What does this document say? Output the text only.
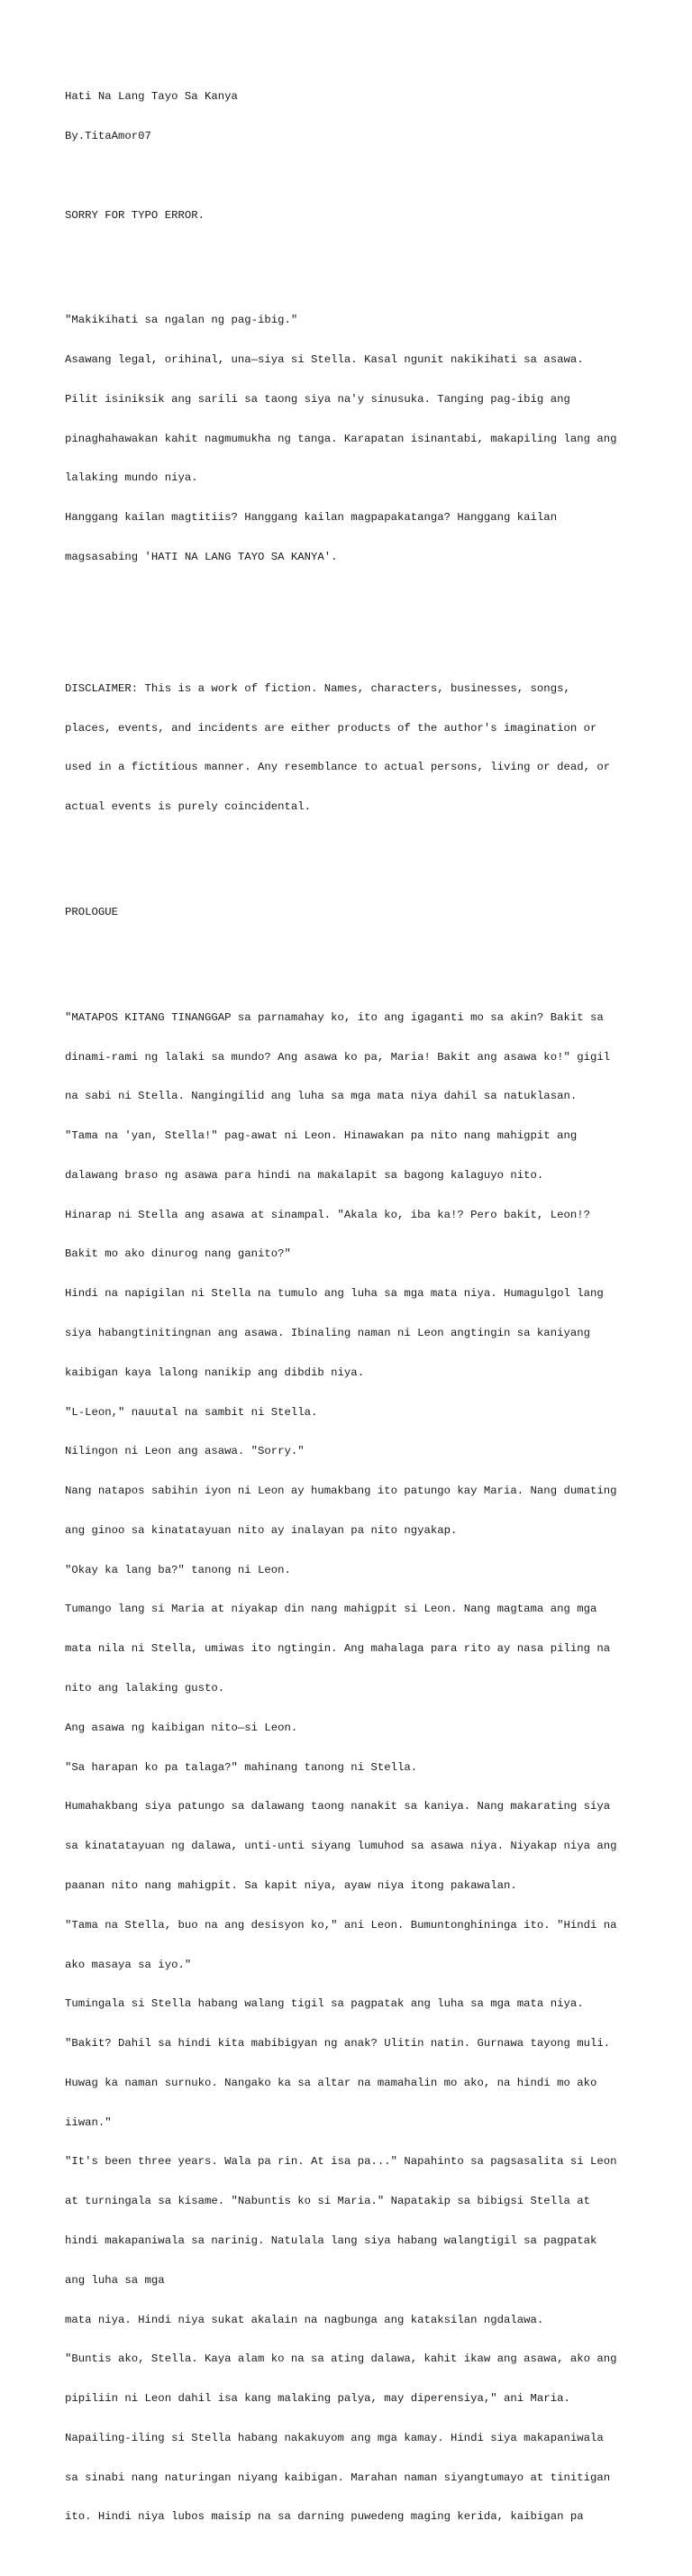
Hati Na Lang Tayo Sa Kanya

By.TitaAmor07

SORRY FOR TYPO ERROR.

"Makikihati sa ngalan ng pag-ibig."

Asawang legal, orihinal, una—siya si Stella. Kasal ngunit nakikihati sa asawa.

Pilit isiniksik ang sarili sa taong siya na'y sinusuka. Tanging pag-ibig ang

pinaghahawakan kahit nagmumukha ng tanga. Karapatan isinantabi, makapiling lang ang

lalaking mundo niya.

Hanggang kailan magtitiis? Hanggang kailan magpapakatanga? Hanggang kailan

magsasabing 'HATI NA LANG TAYO SA KANYA'.

DISCLAIMER: This is a work of fiction. Names, characters, businesses, songs,

places, events, and incidents are either products of the author's imagination or

used in a fictitious manner. Any resemblance to actual persons, living or dead, or

actual events is purely coincidental.

PROLOGUE

"MATAPOS KITANG TINANGGAP sa parnamahay ko, ito ang igaganti mo sa akin? Bakit sa

dinami-rami ng lalaki sa mundo? Ang asawa ko pa, Maria! Bakit ang asawa ko!" gigil

na sabi ni Stella. Nangingilid ang luha sa mga mata niya dahil sa natuklasan.

"Tama na 'yan, Stella!" pag-awat ni Leon. Hinawakan pa nito nang mahigpit ang

dalawang braso ng asawa para hindi na makalapit sa bagong kalaguyo nito.

Hinarap ni Stella ang asawa at sinampal. "Akala ko, iba ka!? Pero bakit, Leon!?

Bakit mo ako dinurog nang ganito?"

Hindi na napigilan ni Stella na tumulo ang luha sa mga mata niya. Humagulgol lang

siya habangtinitingnan ang asawa. Ibinaling naman ni Leon angtingin sa kaniyang

kaibigan kaya lalong nanikip ang dibdib niya.

"L-Leon," nauutal na sambit ni Stella.

Nilingon ni Leon ang asawa. "Sorry."

Nang natapos sabihin iyon ni Leon ay humakbang ito patungo kay Maria. Nang dumating

ang ginoo sa kinatatayuan nito ay inalayan pa nito ngyakap.

"Okay ka lang ba?" tanong ni Leon.

Tumango lang si Maria at niyakap din nang mahigpit si Leon. Nang magtama ang mga

mata nila ni Stella, umiwas ito ngtingin. Ang mahalaga para rito ay nasa piling na

nito ang lalaking gusto.

Ang asawa ng kaibigan nito—si Leon.

"Sa harapan ko pa talaga?" mahinang tanong ni Stella.

Humahakbang siya patungo sa dalawang taong nanakit sa kaniya. Nang makarating siya

sa kinatatayuan ng dalawa, unti-unti siyang lumuhod sa asawa niya. Niyakap niya ang

paanan nito nang mahigpit. Sa kapit niya, ayaw niya itong pakawalan.

"Tama na Stella, buo na ang desisyon ko," ani Leon. Bumuntonghininga ito. "Hindi na

ako masaya sa iyo."

Tumingala si Stella habang walang tigil sa pagpatak ang luha sa mga mata niya.

"Bakit? Dahil sa hindi kita mabibigyan ng anak? Ulitin natin. Gurnawa tayong muli.

Huwag ka naman surnuko. Nangako ka sa altar na mamahalin mo ako, na hindi mo ako

iiwan."

"It's been three years. Wala pa rin. At isa pa..." Napahinto sa pagsasalita si Leon

at turningala sa kisame. "Nabuntis ko si Maria." Napatakip sa bibigsi Stella at

hindi makapaniwala sa narinig. Natulala lang siya habang walangtigil sa pagpatak

ang luha sa mga

mata niya. Hindi niya sukat akalain na nagbunga ang kataksilan ngdalawa.

"Buntis ako, Stella. Kaya alam ko na sa ating dalawa, kahit ikaw ang asawa, ako ang

pipiliin ni Leon dahil isa kang malaking palya, may diperensiya," ani Maria.

Napailing-iling si Stella habang nakakuyom ang mga kamay. Hindi siya makapaniwala

sa sinabi nang naturingan niyang kaibigan. Marahan naman siyangtumayo at tinitigan

ito. Hindi niya lubos maisip na sa darning puwedeng maging kerida, kaibigan pa
